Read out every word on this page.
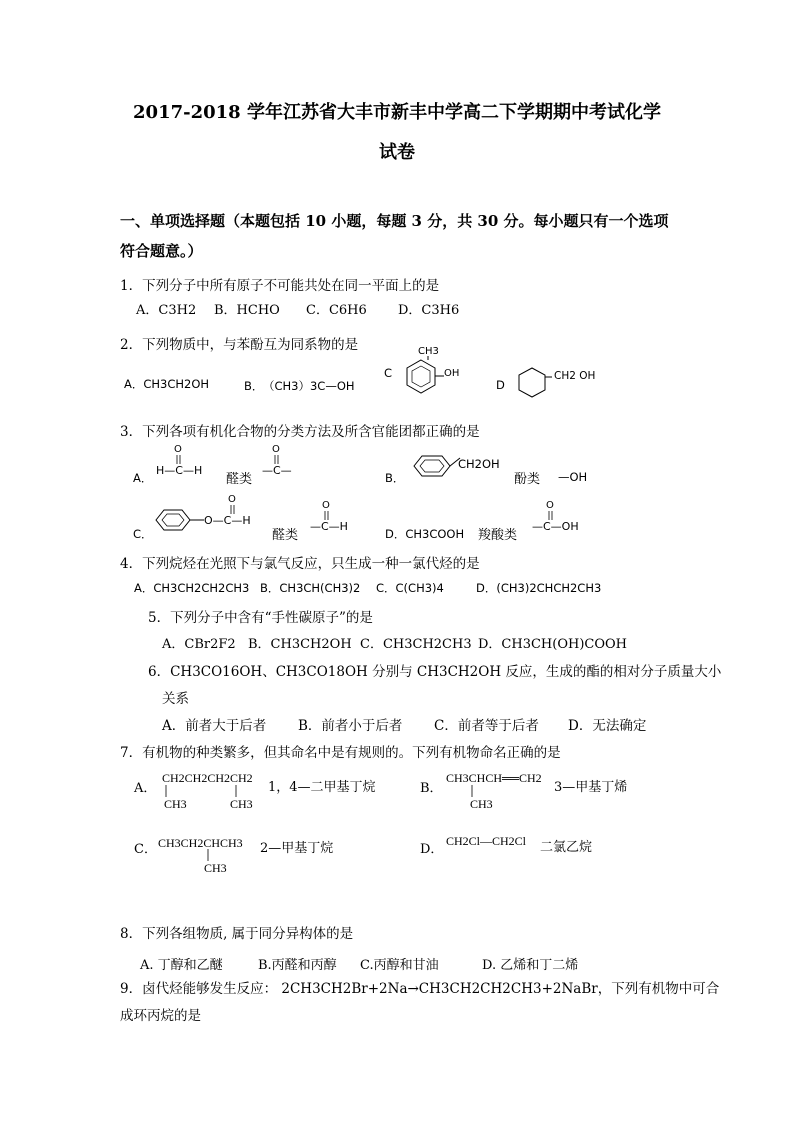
2017-2018 学年江苏省大丰市新丰中学高二下学期期中考试化学
试卷
一、单项选择题（本题包括 10 小题，每题 3 分，共 30 分。每小题只有一个选项
符合题意。）
1．下列分子中所有原子不可能共处在同一平面上的是
A．C3H2 B．HCHO C．C6H6 D．C3H6
2．下列物质中，与苯酚互为同系物的是
A．CH3CH2OH	B． （CH3）3C—OH
C
CH3
OH
D
CH2 OH
3．下列各项有机化合物的分类方法及所含官能团都正确的是
A．
O
H—C—H
醛类
O
—C—
B．
CH2OH
酚类 —OH
C．
O
O—C—H
醛类
O
—C—H
D．CH3COOH 羧酸类
O
—C—OH
4．下列烷烃在光照下与氯气反应，只生成一种一氯代烃的是
A．CH3CH2CH2CH3 B．CH3CH(CH3)2 C．C(CH3)4	D．(CH3)2CHCH2CH3
5．下列分子中含有“手性碳原子”的是
A．CBr2F2 B．CH3CH2OH C．CH3CH2CH3 D．CH3CH(OH)COOH
6．CH3CO16OH、CH3CO18OH 分别与 CH3CH2OH 反应，生成的酯的相对分子质量大小
关系
A．前者大于后者 B．前者小于后者 C．前者等于后者 D．无法确定
7．有机物的种类繁多，但其命名中是有规则的。下列有机物命名正确的是
A．
CH2CH2CH2CH2
CH3	CH3
1，4—二甲基丁烷	B．
CH3CHCH══CH2
CH3
3—甲基丁烯
C． CH3CH2CHCH3
CH3
2—甲基丁烷	D．
CH2Cl—CH2Cl 二氯乙烷
8．下列各组物质, 属于同分异构体的是
A. 丁醇和乙醚	B.丙醛和丙醇 C.丙醇和甘油	D. 乙烯和丁二烯
9．卤代烃能够发生反应： 2CH3CH2Br+2Na→CH3CH2CH2CH3+2NaBr，下列有机物中可合
成环丙烷的是
